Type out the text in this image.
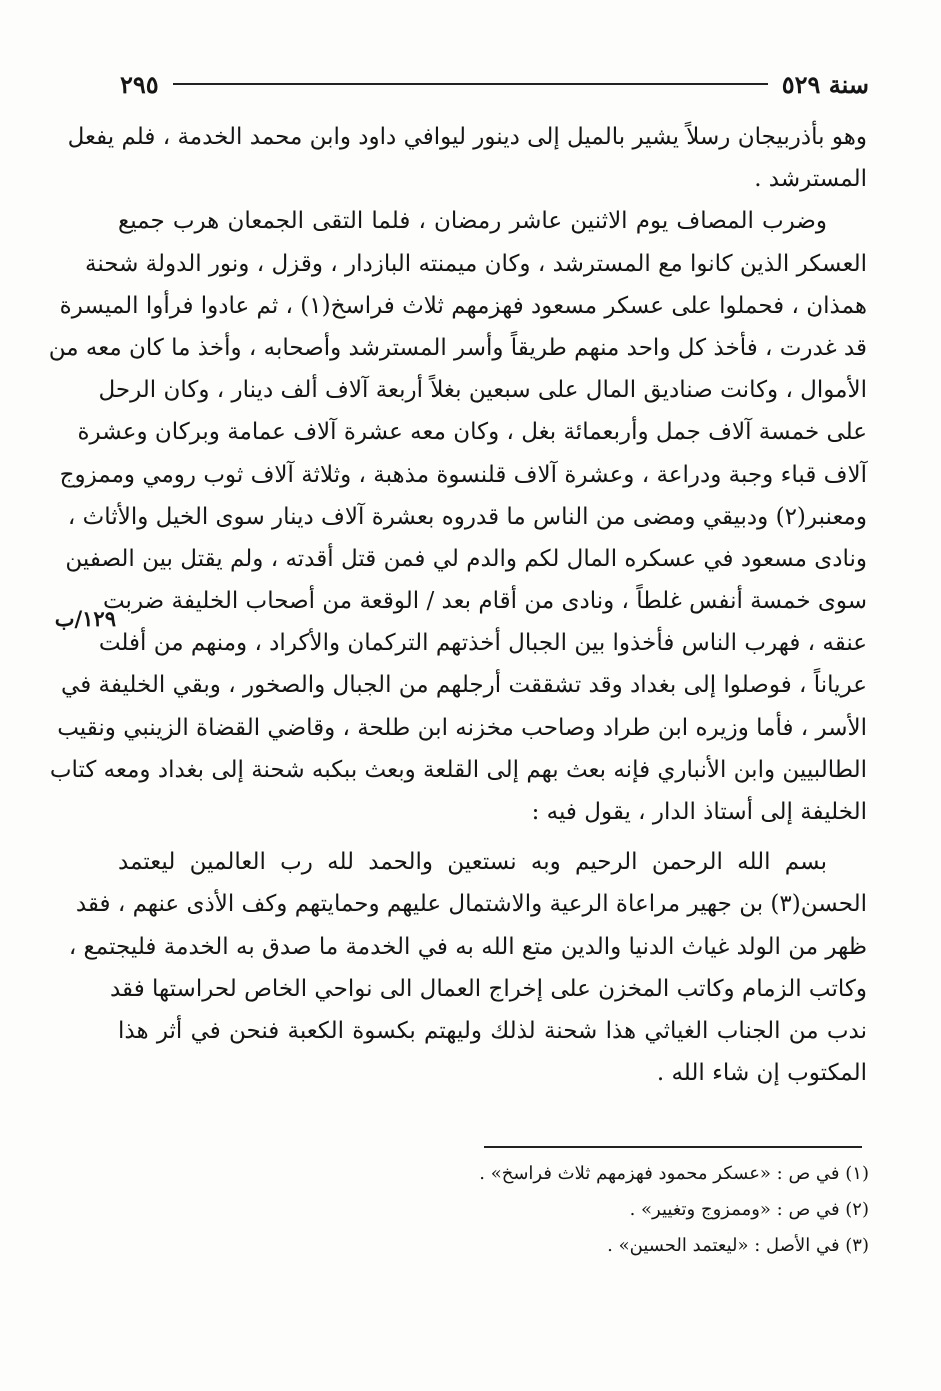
سنة ٥٢٩
٢٩٥
١٢٩/ب
وهو بأذربيجان رسلاً يشير بالميل إلى دينور ليوافي داود وابن محمد الخدمة ، فلم يفعل
المسترشد .
وضرب المصاف يوم الاثنين عاشر رمضان ، فلما التقى الجمعان هرب جميع
العسكر الذين كانوا مع المسترشد ، وكان ميمنته البازدار ، وقزل ، ونور الدولة شحنة
همذان ، فحملوا على عسكر مسعود فهزمهم ثلاث فراسخ(١) ، ثم عادوا فرأوا الميسرة
قد غدرت ، فأخذ كل واحد منهم طريقاً وأسر المسترشد وأصحابه ، وأخذ ما كان معه من
الأموال ، وكانت صناديق المال على سبعين بغلاً أربعة آلاف ألف دينار ، وكان الرحل
على خمسة آلاف جمل وأربعمائة بغل ، وكان معه عشرة آلاف عمامة وبركان وعشرة
آلاف قباء وجبة ودراعة ، وعشرة آلاف قلنسوة مذهبة ، وثلاثة آلاف ثوب رومي وممزوج
ومعنبر(٢) ودبيقي ومضى من الناس ما قدروه بعشرة آلاف دينار سوى الخيل والأثاث ،
ونادى مسعود في عسكره المال لكم والدم لي فمن قتل أقدته ، ولم يقتل بين الصفين
سوى خمسة أنفس غلطاً ، ونادى من أقام بعد / الوقعة من أصحاب الخليفة ضربت
عنقه ، فهرب الناس فأخذوا بين الجبال أخذتهم التركمان والأكراد ، ومنهم من أفلت
عرياناً ، فوصلوا إلى بغداد وقد تشققت أرجلهم من الجبال والصخور ، وبقي الخليفة في
الأسر ، فأما وزيره ابن طراد وصاحب مخزنه ابن طلحة ، وقاضي القضاة الزينبي ونقيب
الطالبيين وابن الأنباري فإنه بعث بهم إلى القلعة وبعث ببكبه شحنة إلى بغداد ومعه كتاب
الخليفة إلى أستاذ الدار ، يقول فيه :
بسم الله الرحمن الرحيم وبه نستعين والحمد لله رب العالمين ليعتمد
الحسن(٣) بن جهير مراعاة الرعية والاشتمال عليهم وحمايتهم وكف الأذى عنهم ، فقد
ظهر من الولد غياث الدنيا والدين متع الله به في الخدمة ما صدق به الخدمة فليجتمع ،
وكاتب الزمام وكاتب المخزن على إخراج العمال الى نواحي الخاص لحراستها فقد
ندب من الجناب الغياثي هذا شحنة لذلك وليهتم بكسوة الكعبة فنحن في أثر هذا
المكتوب إن شاء الله .
(١) في ص : «عسكر محمود فهزمهم ثلاث فراسخ» .
(٢) في ص : «وممزوج وتغيير» .
(٣) في الأصل : «ليعتمد الحسين» .
